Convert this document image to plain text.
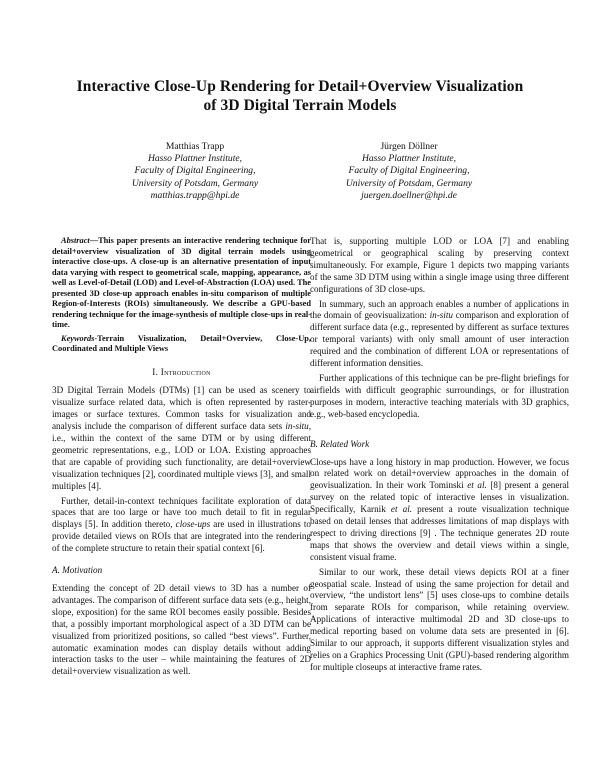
Interactive Close-Up Rendering for Detail+Overview Visualization
of 3D Digital Terrain Models
Matthias Trapp
Hasso Plattner Institute,
Faculty of Digital Engineering,
University of Potsdam, Germany
matthias.trapp@hpi.de
Jürgen Döllner
Hasso Plattner Institute,
Faculty of Digital Engineering,
University of Potsdam, Germany
juergen.doellner@hpi.de

Abstract—This paper presents an interactive rendering technique for detail+overview visualization of 3D digital terrain models using interactive close-ups. A close-up is an alternative presentation of input data varying with respect to geometrical scale, mapping, appearance, as well as Level-of-Detail (LOD) and Level-of-Abstraction (LOA) used. The presented 3D close-up approach enables in-situ comparison of multiple Region-of-Interests (ROIs) simultaneously. We describe a GPU-based rendering technique for the image-synthesis of multiple close-ups in real-time.

Keywords-Terrain Visualization, Detail+Overview, Close-Up, Coordinated and Multiple Views

I. Introduction

3D Digital Terrain Models (DTMs) [1] can be used as scenery to visualize surface related data, which is often represented by raster-images or surface textures. Common tasks for visualization and analysis include the comparison of different surface data sets in-situ, i.e., within the context of the same DTM or by using different geometric representations, e.g., LOD or LOA. Existing approaches that are capable of providing such functionality, are detail+overview visualization techniques [2], coordinated multiple views [3], and small multiples [4].

Further, detail-in-context techniques facilitate exploration of data spaces that are too large or have too much detail to fit in regular displays [5]. In addition thereto, close-ups are used in illustrations to provide detailed views on ROIs that are integrated into the rendering of the complete structure to retain their spatial context [6].

A. Motivation

Extending the concept of 2D detail views to 3D has a number of advantages. The comparison of different surface data sets (e.g., height, slope, exposition) for the same ROI becomes easily possible. Besides that, a possibly important morphological aspect of a 3D DTM can be visualized from prioritized positions, so called “best views”. Further, automatic examination modes can display details without adding interaction tasks to the user – while maintaining the features of 2D detail+overview visualization as well.

That is, supporting multiple LOD or LOA [7] and enabling geometrical or geographical scaling by preserving context simultaneously. For example, Figure 1 depicts two mapping variants of the same 3D DTM using within a single image using three different configurations of 3D close-ups.

In summary, such an approach enables a number of applications in the domain of geovisualization: in-situ comparison and exploration of different surface data (e.g., represented by different as surface textures or temporal variants) with only small amount of user interaction required and the combination of different LOA or representations of different information densities.

Further applications of this technique can be pre-flight briefings for airfields with difficult geographic surroundings, or for illustration purposes in modern, interactive teaching materials with 3D graphics, e.g., web-based encyclopedia.

B. Related Work

Close-ups have a long history in map production. However, we focus on related work on detail+overview approaches in the domain of geovisualization. In their work Tominski et al. [8] present a general survey on the related topic of interactive lenses in visualization. Specifically, Karnik et al. present a route visualization technique based on detail lenses that addresses limitations of map displays with respect to driving directions [9] . The technique generates 2D route maps that shows the overview and detail views within a single, consistent visual frame.

Similar to our work, these detail views depicts ROI at a finer geospatial scale. Instead of using the same projection for detail and overview, “the undistort lens” [5] uses close-ups to combine details from separate ROIs for comparison, while retaining overview. Applications of interactive multimodal 2D and 3D close-ups to medical reporting based on volume data sets are presented in [6]. Similar to our approach, it supports different visualization styles and relies on a Graphics Processing Unit (GPU)-based rendering algorithm for multiple closeups at interactive frame rates.
